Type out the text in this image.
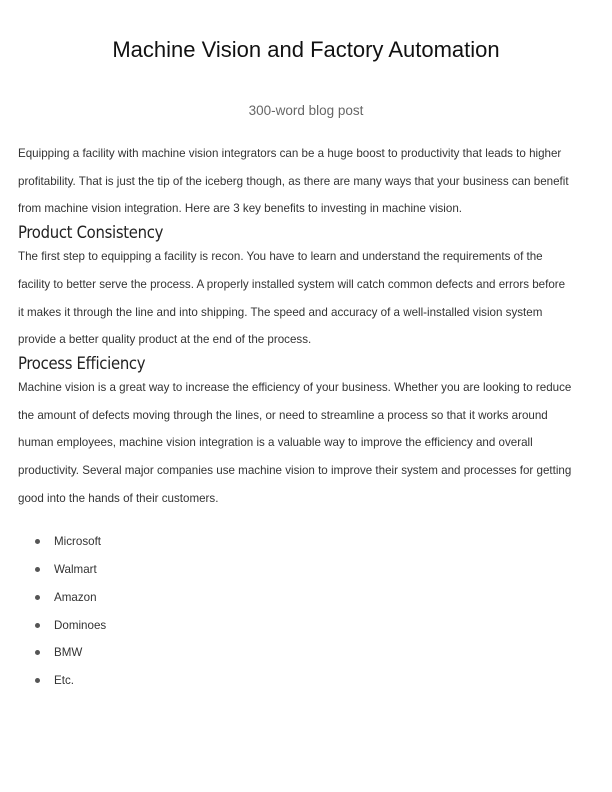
Machine Vision and Factory Automation
300-word blog post

Equipping a facility with machine vision integrators can be a huge boost to productivity that leads to higher
profitability. That is just the tip of the iceberg though, as there are many ways that your business can benefit
from machine vision integration. Here are 3 key benefits to investing in machine vision.

Product Consistency

The first step to equipping a facility is recon. You have to learn and understand the requirements of the
facility to better serve the process. A properly installed system will catch common defects and errors before
it makes it through the line and into shipping. The speed and accuracy of a well-installed vision system
provide a better quality product at the end of the process.

Process Efficiency

Machine vision is a great way to increase the efficiency of your business. Whether you are looking to reduce
the amount of defects moving through the lines, or need to streamline a process so that it works around
human employees, machine vision integration is a valuable way to improve the efficiency and overall
productivity. Several major companies use machine vision to improve their system and processes for getting
good into the hands of their customers.

Microsoft
Walmart
Amazon
Dominoes
BMW
Etc.
